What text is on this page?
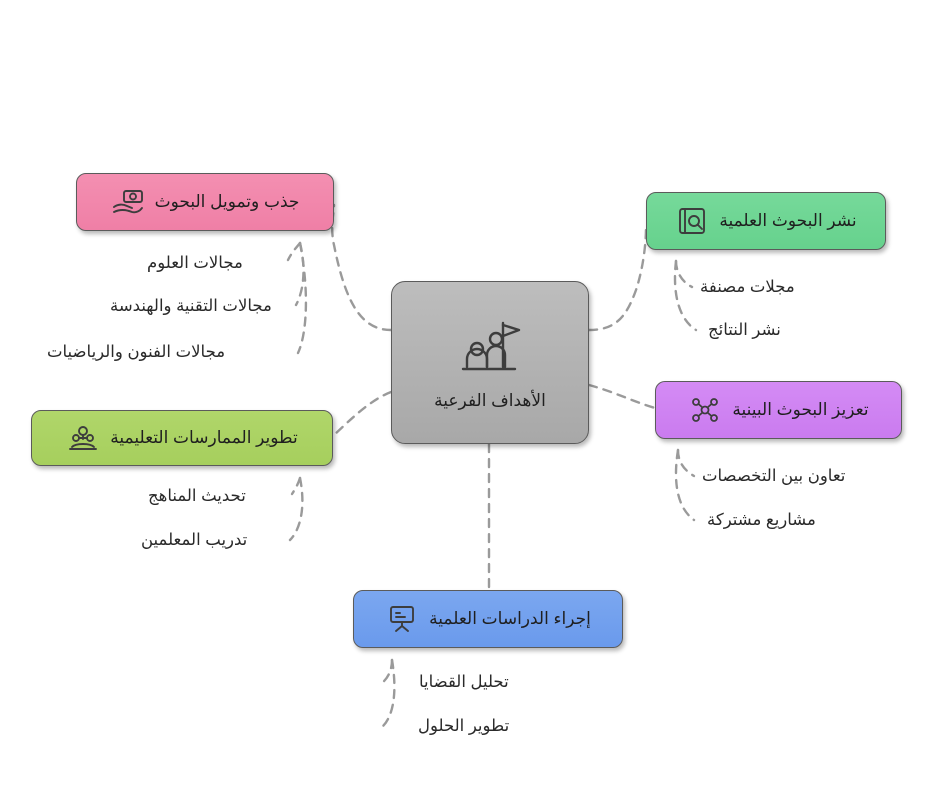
الأهداف الفرعية
جذب وتمويل البحوث
مجالات العلوم
مجالات التقنية والهندسة
مجالات الفنون والرياضيات
نشر البحوث العلمية
مجلات مصنفة
نشر النتائج
تطوير الممارسات التعليمية
تحديث المناهج
تدريب المعلمين
تعزيز البحوث البينية
تعاون بين التخصصات
مشاريع مشتركة
إجراء الدراسات العلمية
تحليل القضايا
تطوير الحلول
